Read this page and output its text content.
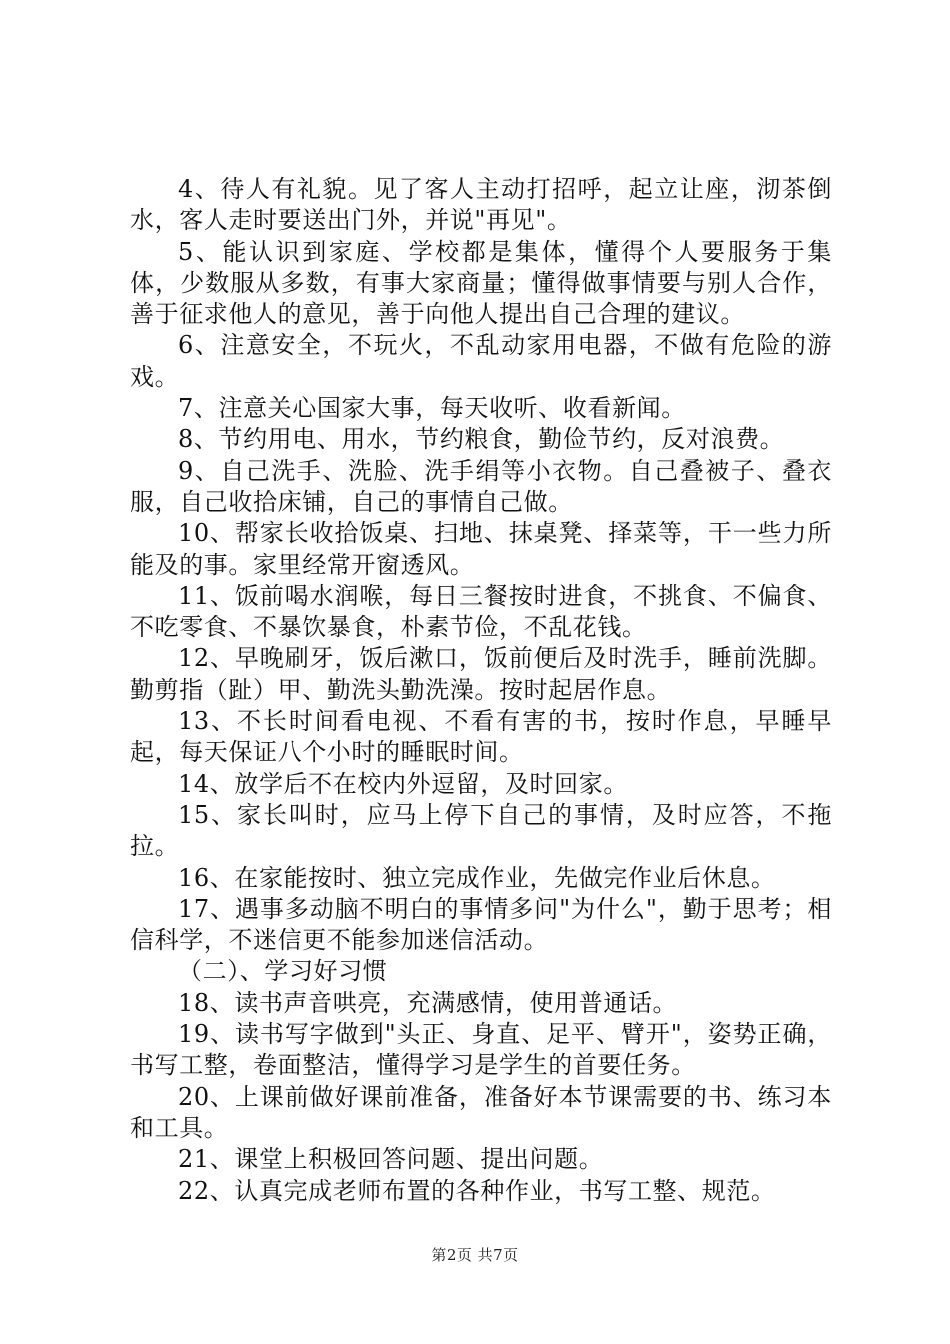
4、待人有礼貌。见了客人主动打招呼，起立让座，沏茶倒水，客人走时要送出门外，并说"再见"。

5、能认识到家庭、学校都是集体，懂得个人要服务于集体，少数服从多数，有事大家商量；懂得做事情要与别人合作，善于征求他人的意见，善于向他人提出自己合理的建议。

6、注意安全，不玩火，不乱动家用电器，不做有危险的游戏。

7、注意关心国家大事，每天收听、收看新闻。

8、节约用电、用水，节约粮食，勤俭节约，反对浪费。

9、自己洗手、洗脸、洗手绢等小衣物。自己叠被子、叠衣服，自己收拾床铺，自己的事情自己做。

10、帮家长收拾饭桌、扫地、抹桌凳、择菜等，干一些力所能及的事。家里经常开窗透风。

11、饭前喝水润喉，每日三餐按时进食，不挑食、不偏食、不吃零食、不暴饮暴食，朴素节俭，不乱花钱。

12、早晚刷牙，饭后漱口，饭前便后及时洗手，睡前洗脚。勤剪指（趾）甲、勤洗头勤洗澡。按时起居作息。

13、不长时间看电视、不看有害的书，按时作息，早睡早起，每天保证八个小时的睡眠时间。

14、放学后不在校内外逗留，及时回家。

15、家长叫时，应马上停下自己的事情，及时应答，不拖拉。

16、在家能按时、独立完成作业，先做完作业后休息。

17、遇事多动脑不明白的事情多问"为什么"，勤于思考；相信科学，不迷信更不能参加迷信活动。

（二）、学习好习惯

18、读书声音哄亮，充满感情，使用普通话。

19、读书写字做到"头正、身直、足平、臂开"，姿势正确，书写工整，卷面整洁，懂得学习是学生的首要任务。

20、上课前做好课前准备，准备好本节课需要的书、练习本和工具。

21、课堂上积极回答问题、提出问题。

22、认真完成老师布置的各种作业，书写工整、规范。

第2页 共7页
